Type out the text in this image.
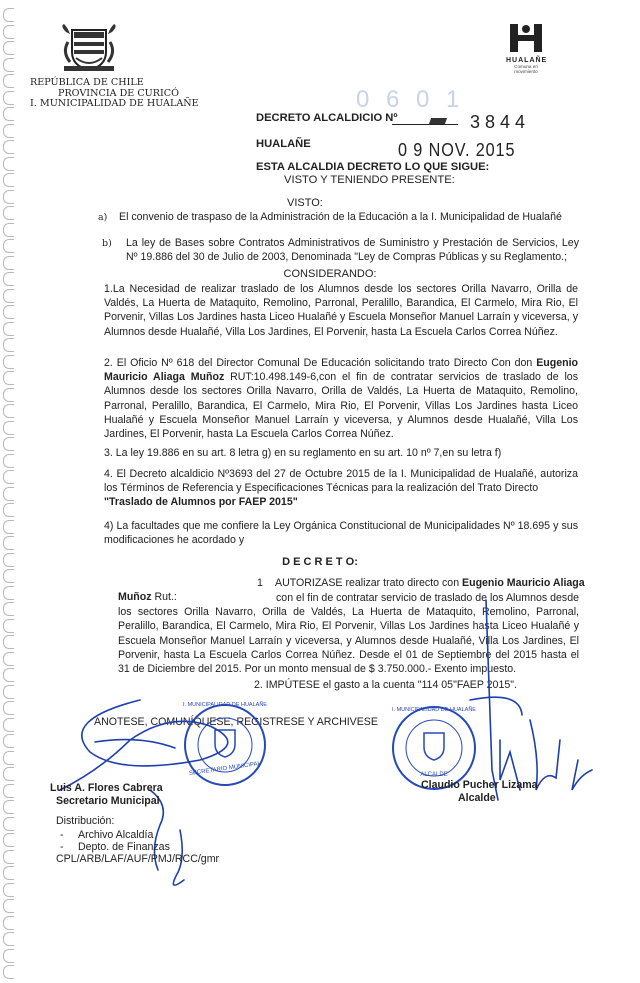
REPÚBLICA DE CHILE
PROVINCIA DE CURICÓ
I. MUNICIPALIDAD DE HUALAÑE
HUALAÑE
Comuna en movimiento
0 6 0 1
DECRETO ALCALDICIO Nº	3844
HUALAÑE	0 9 NOV. 2015
ESTA ALCALDIA DECRETO LO QUE SIGUE:
VISTO Y TENIENDO PRESENTE:
VISTO:
a) El convenio de traspaso de la Administración de la Educación a la I. Municipalidad de Hualañé
b) La ley de Bases sobre Contratos Administrativos de Suministro y Prestación de Servicios, Ley Nº 19.886 del 30 de Julio de 2003, Denominada "Ley de Compras Públicas y su Reglamento.;
CONSIDERANDO:
1.La Necesidad de realizar traslado de los Alumnos desde los sectores Orilla Navarro, Orilla de Valdés, La Huerta de Mataquito, Remolino, Parronal, Peralillo, Barandica, El Carmelo, Mira Rio, El Porvenir, Villas Los Jardines hasta Liceo Hualañé y Escuela Monseñor Manuel Larraín y viceversa, y Alumnos desde Hualañé, Villa Los Jardines, El Porvenir, hasta La Escuela Carlos Correa Núñez.
2. El Oficio Nº 618 del Director Comunal De Educación solicitando trato Directo Con don Eugenio Mauricio Aliaga Muñoz RUT:10.498.149-6,con el fin de contratar servicios de traslado de los Alumnos desde los sectores Orilla Navarro, Orilla de Valdés, La Huerta de Mataquito, Remolino, Parronal, Peralillo, Barandica, El Carmelo, Mira Rio, El Porvenir, Villas Los Jardines hasta Liceo Hualañé y Escuela Monseñor Manuel Larraín y viceversa, y Alumnos desde Hualañé, Villa Los Jardines, El Porvenir, hasta La Escuela Carlos Correa Núñez.
3. La ley 19.886 en su art. 8 letra g) en su reglamento en su art. 10 nº 7,en su letra f)
4. El Decreto alcaldicio Nº3693 del 27 de Octubre 2015 de la I. Municipalidad de Hualañé, autoriza los Términos de Referencia y Especificaciones Técnicas para la realización del Trato Directo
"Traslado de Alumnos por FAEP 2015"
4) La facultades que me confiere la Ley Orgánica Constitucional de Municipalidades Nº 18.695 y sus modificaciones he acordado y
D E C R E T O:
1 AUTORIZASE realizar trato directo con Eugenio Mauricio Aliaga
Muñoz Rut.:	con el fin de contratar servicio de traslado de los Alumnos desde los sectores Orilla Navarro, Orilla de Valdés, La Huerta de Mataquito, Remolino, Parronal, Peralillo, Barandica, El Carmelo, Mira Rio, El Porvenir, Villas Los Jardines hasta Liceo Hualañé y Escuela Monseñor Manuel Larraín y viceversa, y Alumnos desde Hualañé, Villa Los Jardines, El Porvenir, hasta La Escuela Carlos Correa Núñez. Desde el 01 de Septiembre del 2015 hasta el 31 de Diciembre del 2015. Por un monto mensual de $ 3.750.000.- Exento impuesto.
2. IMPÚTESE el gasto a la cuenta "114 05"FAEP 2015".
ANOTESE, COMUNÍQUESE, REGISTRESE Y ARCHIVESE
SECRETARIO MUNICIPAL
I. MUNICIPALIDAD DE HUALAÑE
I. MUNICIPALIDAD DE HUALAÑE
ALCALDE
Luis A. Flores Cabrera
Secretario Municipal
Claudio Pucher Lizama
Alcalde
Distribución:
- Archivo Alcaldía
- Depto. de Finanzas
CPL/ARB/LAF/AUF/PMJ/RCC/gmr
